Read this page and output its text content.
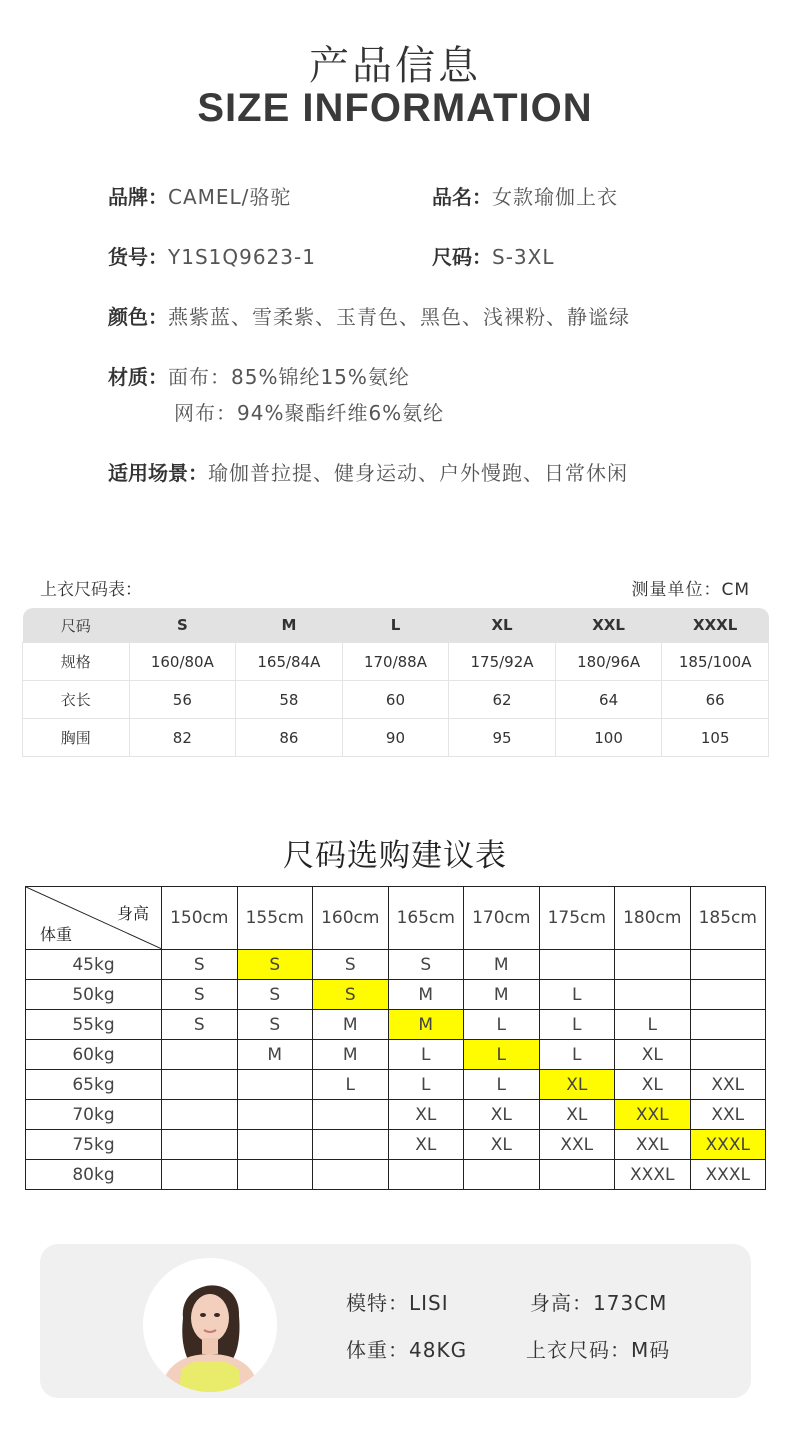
产品信息
SIZE INFORMATION
品牌：CAMEL/骆驼	品名：女款瑜伽上衣
货号：Y1S1Q9623-1	尺码：S-3XL
颜色：燕紫蓝、雪柔紫、玉青色、黑色、浅裸粉、静谧绿
材质：面布：85%锦纶15%氨纶
网布：94%聚酯纤维6%氨纶
适用场景：瑜伽普拉提、健身运动、户外慢跑、日常休闲
上衣尺码表：	测量单位：CM
尺码	S	M	L	XL	XXL	XXXL
规格	160/80A	165/84A	170/88A	175/92A	180/96A	185/100A
衣长	56	58	60	62	64	66
胸围	82	86	90	95	100	105
尺码选购建议表
身高
体重	150cm	155cm	160cm	165cm	170cm	175cm	180cm	185cm
45kg	S	S	S	S	M			
50kg	S	S	S	M	M	L		
55kg	S	S	M	M	L	L	L	
60kg		M	M	L	L	L	XL	
65kg			L	L	L	XL	XL	XXL
70kg				XL	XL	XL	XXL	XXL
75kg				XL	XL	XXL	XXL	XXXL
80kg							XXXL	XXXL
模特：LISI	身高：173CM
体重：48KG	上衣尺码：M码
